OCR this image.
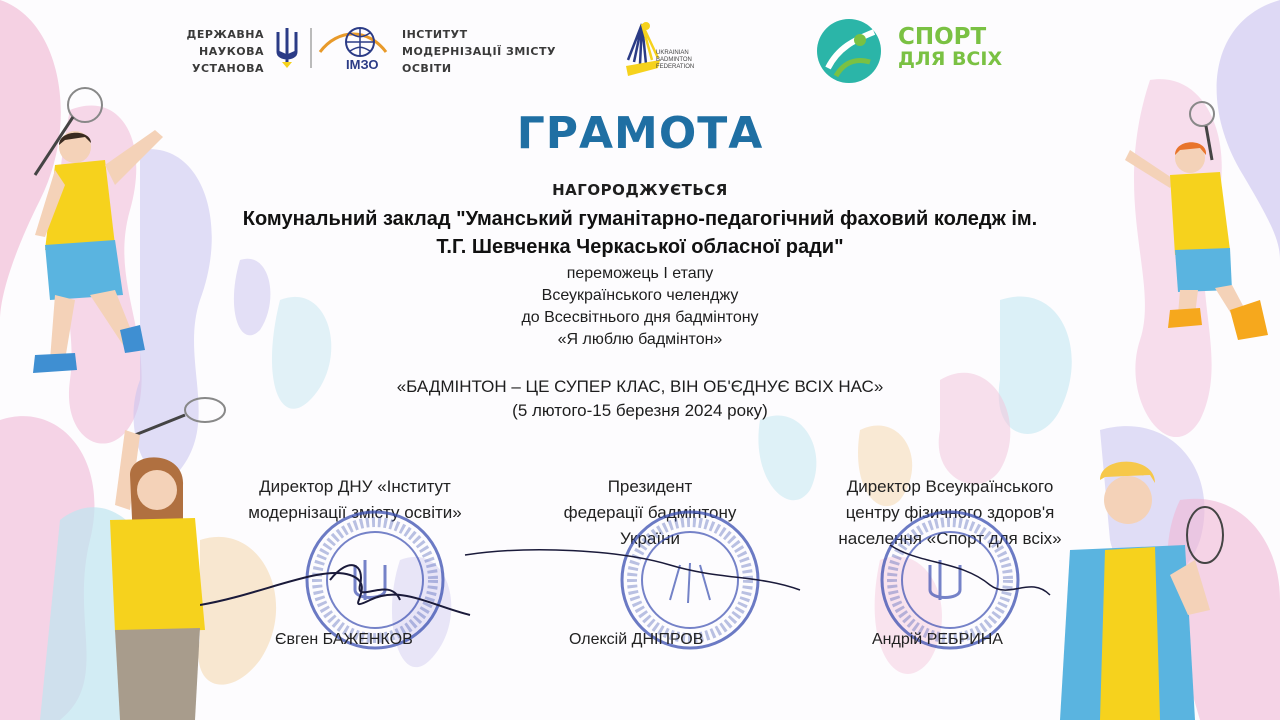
ДЕРЖАВНА
НАУКОВА
УСТАНОВА	ІМЗО
ІНСТИТУТ
МОДЕРНІЗАЦІЇ ЗМІСТУ
ОСВІТИ
UKRAINIAN
BADMINTON
FEDERATION
СПОРТ
ДЛЯ ВСІХ
ГРАМОТА
НАГОРОДЖУЄТЬСЯ
Комунальний заклад "Уманський гуманітарно-педагогічний фаховий коледж ім.
Т.Г. Шевченка Черкаської обласної ради"
переможець І етапу
Всеукраїнського челенджу
до Всесвітнього дня бадмінтону
«Я люблю бадмінтон»
«БАДМІНТОН – ЦЕ СУПЕР КЛАС, ВІН ОБ'ЄДНУЄ ВСІХ НАС»
(5 лютого-15 березня 2024 року)
Директор ДНУ «Інститут
модернізації змісту освіти»
Президент
федерації бадмінтону
України
Директор Всеукраїнського
центру фізичного здоров'я
населення «Спорт для всіх»
Євген БАЖЕНКОВ	Олексій ДНІПРОВ	Андрій РЕБРИНА
